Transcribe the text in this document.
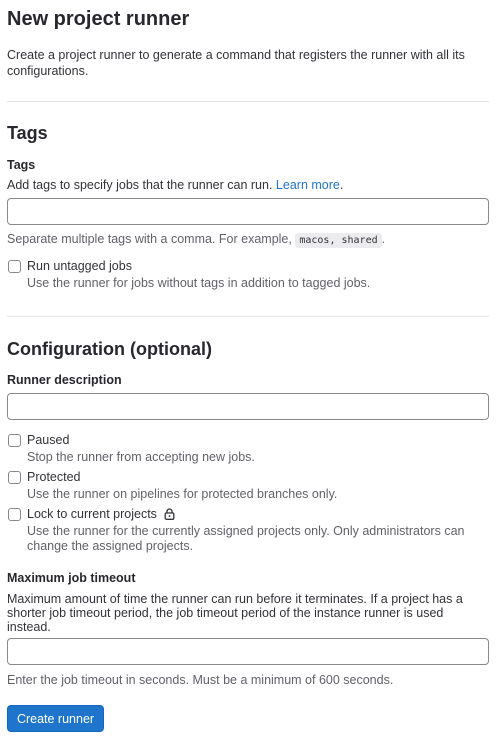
New project runner
Create a project runner to generate a command that registers the runner with all its configurations.
Tags
Tags
Add tags to specify jobs that the runner can run. Learn more.
Separate multiple tags with a comma. For example, macos, shared .
Run untagged jobs
Use the runner for jobs without tags in addition to tagged jobs.
Configuration (optional)
Runner description
Paused
Stop the runner from accepting new jobs.
Protected
Use the runner on pipelines for protected branches only.
Lock to current projects
Use the runner for the currently assigned projects only. Only administrators can
change the assigned projects.
Maximum job timeout
Maximum amount of time the runner can run before it terminates. If a project has a
shorter job timeout period, the job timeout period of the instance runner is used
instead.
Enter the job timeout in seconds. Must be a minimum of 600 seconds.
Create runner
